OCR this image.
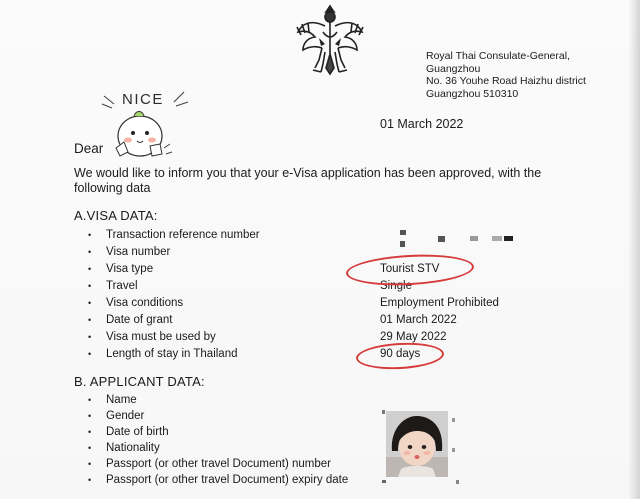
Royal Thai Consulate-General,
Guangzhou
No. 36 Youhe Road Haizhu district
Guangzhou 510310
01 March 2022
NICE
Dear
We would like to inform you that your e-Visa application has been approved, with the following data
A.VISA DATA:
• Transaction reference number
• Visa number
• Visa type
• Travel
• Visa conditions
• Date of grant
• Visa must be used by
• Length of stay in Thailand
Tourist STV
Single
Employment Prohibited
01 March 2022
29 May 2022
90 days
B. APPLICANT DATA:
• Name
• Gender
• Date of birth
• Nationality
• Passport (or other travel Document) number
• Passport (or other travel Document) expiry date
